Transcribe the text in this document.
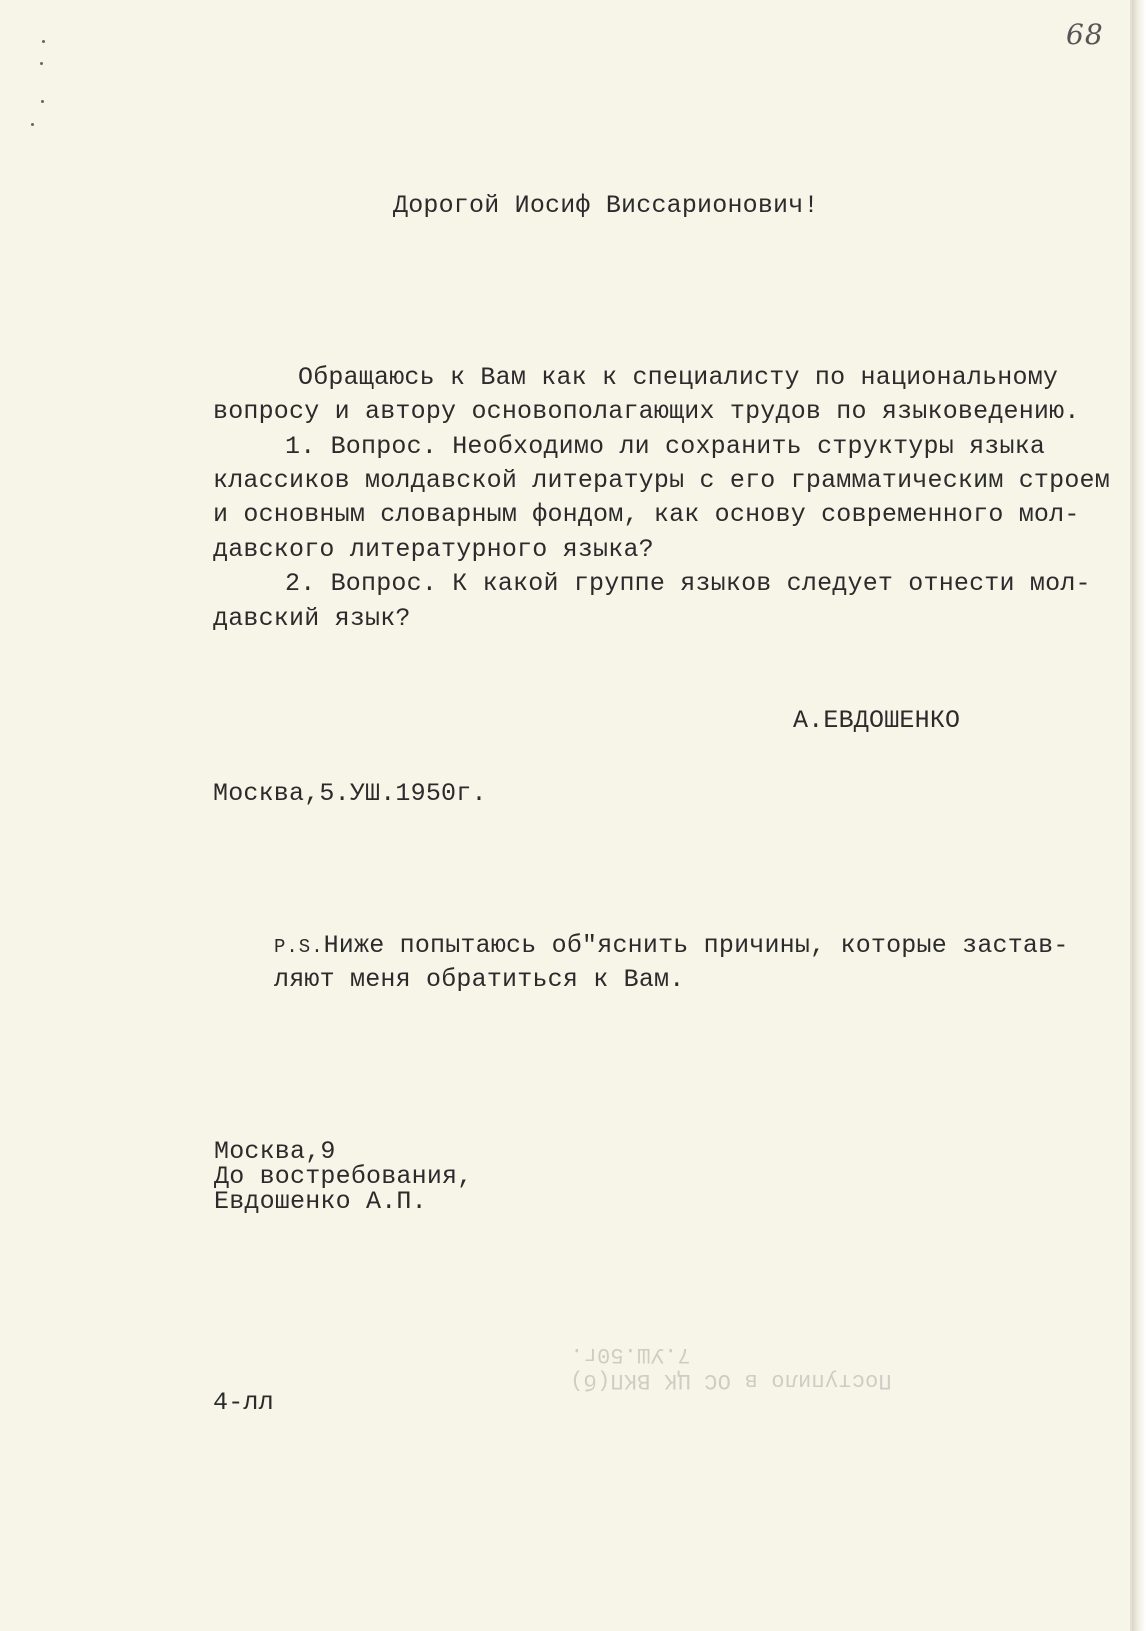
68
Дорогой Иосиф Виссарионович!
Обращаюсь к Вам как к специалисту по национальному
вопросу и автору основополагающих трудов по языковедению.
1. Вопрос. Необходимо ли сохранить структуры языка
классиков молдавской литературы с его грамматическим строем
и основным словарным фондом, как основу современного мол-
давского литературного языка?
2. Вопрос. К какой группе языков следует отнести мол-
давский язык?
А.ЕВДОШЕНКО
Москва,5.УШ.1950г.
P.S.Ниже попытаюсь об"яснить причины, которые застав-
ляют меня обратиться к Вам.
Москва,9
До востребования,
Евдошенко А.П.
Поступило в ОС ЦК ВКП(б)
7.УШ.50г.
4-лл
